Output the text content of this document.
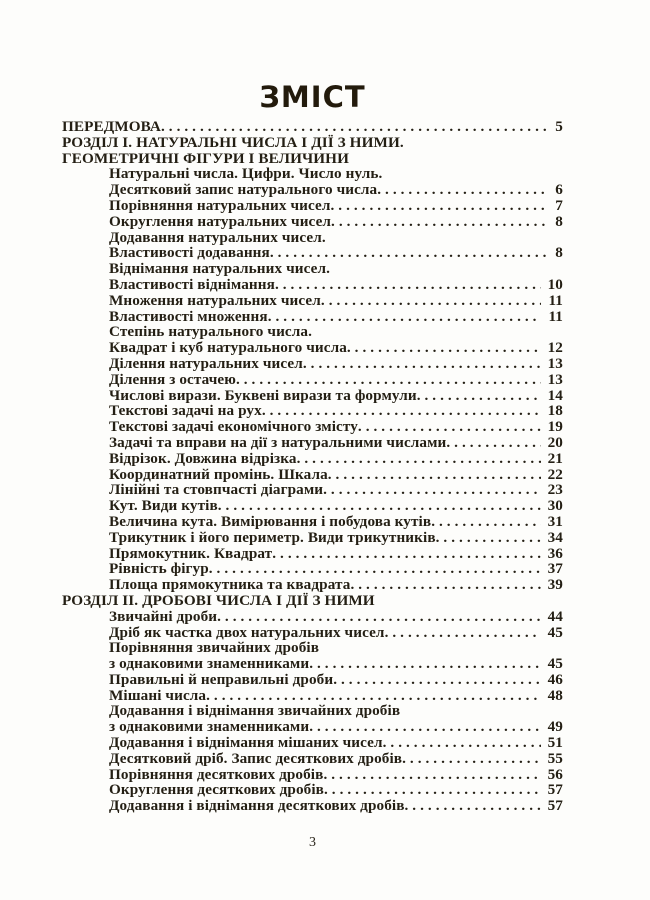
ЗМІСТ
ПЕРЕДМОВА . . .	5
РОЗДІЛ І. НАТУРАЛЬНІ ЧИСЛА І ДІЇ З НИМИ.
ГЕОМЕТРИЧНІ ФІГУРИ І ВЕЛИЧИНИ
Натуральні числа. Цифри. Число нуль.
Десятковий запис натурального числа . . .	6
Порівняння натуральних чисел . . .	7
Округлення натуральних чисел . . .	8
Додавання натуральних чисел.
Властивості додавання . . .	8
Віднімання натуральних чисел.
Властивості віднімання . . .	10
Множення натуральних чисел . . .	11
Властивості множення . . .	11
Степінь натурального числа.
Квадрат і куб натурального числа . . .	12
Ділення натуральних чисел . . .	13
Ділення з остачею . . .	13
Числові вирази. Буквені вирази та формули . . .	14
Текстові задачі на рух . . .	18
Текстові задачі економічного змісту . . .	19
Задачі та вправи на дії з натуральними числами . . .	20
Відрізок. Довжина відрізка . . .	21
Координатний промінь. Шкала . . .	22
Лінійні та стовпчасті діаграми . . .	23
Кут. Види кутів . . .	30
Величина кута. Вимірювання і побудова кутів . . .	31
Трикутник і його периметр. Види трикутників . . .	34
Прямокутник. Квадрат . . .	36
Рівність фігур . . .	37
Площа прямокутника та квадрата . . .	39
РОЗДІЛ ІІ. ДРОБОВІ ЧИСЛА І ДІЇ З НИМИ
Звичайні дроби . . .	44
Дріб як частка двох натуральних чисел . . .	45
Порівняння звичайних дробів
з однаковими знаменниками . . .	45
Правильні й неправильні дроби . . .	46
Мішані числа . . .	48
Додавання і віднімання звичайних дробів
з однаковими знаменниками . . .	49
Додавання і віднімання мішаних чисел . . .	51
Десятковий дріб. Запис десяткових дробів . . .	55
Порівняння десяткових дробів . . .	56
Округлення десяткових дробів . . .	57
Додавання і віднімання десяткових дробів . . .	57
3
